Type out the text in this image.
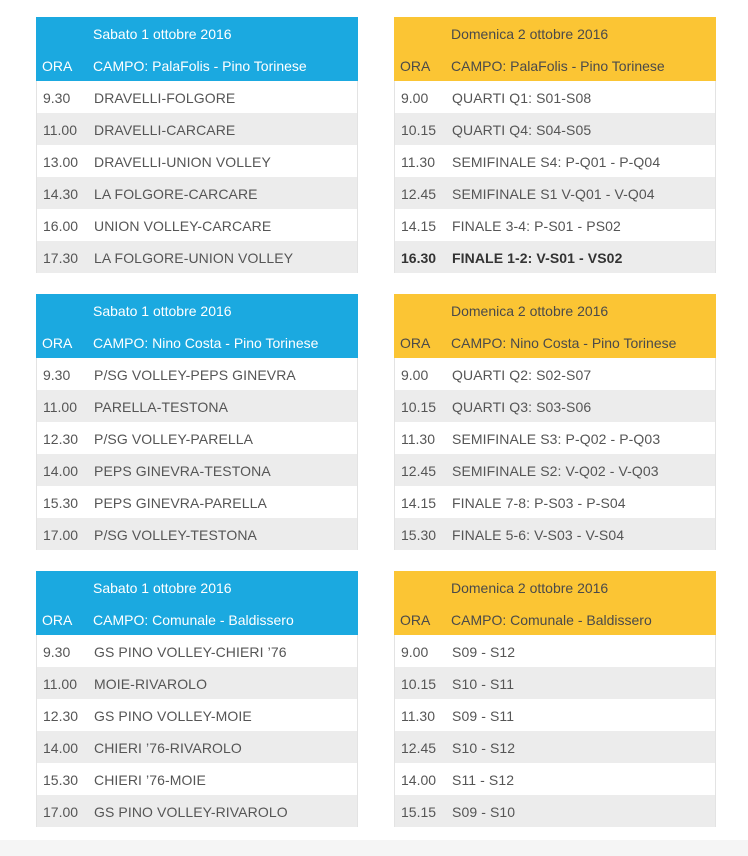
Sabato 1 ottobre 2016
ORA CAMPO: PalaFolis - Pino Torinese
9.30 DRAVELLI-FOLGORE
11.00 DRAVELLI-CARCARE
13.00 DRAVELLI-UNION VOLLEY
14.30 LA FOLGORE-CARCARE
16.00 UNION VOLLEY-CARCARE
17.30 LA FOLGORE-UNION VOLLEY
Domenica 2 ottobre 2016
ORA CAMPO: PalaFolis - Pino Torinese
9.00 QUARTI Q1: S01-S08
10.15 QUARTI Q4: S04-S05
11.30 SEMIFINALE S4: P-Q01 - P-Q04
12.45 SEMIFINALE S1 V-Q01 - V-Q04
14.15 FINALE 3-4: P-S01 - PS02
16.30 FINALE 1-2: V-S01 - VS02
Sabato 1 ottobre 2016
ORA CAMPO: Nino Costa - Pino Torinese
9.30 P/SG VOLLEY-PEPS GINEVRA
11.00 PARELLA-TESTONA
12.30 P/SG VOLLEY-PARELLA
14.00 PEPS GINEVRA-TESTONA
15.30 PEPS GINEVRA-PARELLA
17.00 P/SG VOLLEY-TESTONA
Domenica 2 ottobre 2016
ORA CAMPO: Nino Costa - Pino Torinese
9.00 QUARTI Q2: S02-S07
10.15 QUARTI Q3: S03-S06
11.30 SEMIFINALE S3: P-Q02 - P-Q03
12.45 SEMIFINALE S2: V-Q02 - V-Q03
14.15 FINALE 7-8: P-S03 - P-S04
15.30 FINALE 5-6: V-S03 - V-S04
Sabato 1 ottobre 2016
ORA CAMPO: Comunale - Baldissero
9.30 GS PINO VOLLEY-CHIERI ’76
11.00 MOIE-RIVAROLO
12.30 GS PINO VOLLEY-MOIE
14.00 CHIERI ’76-RIVAROLO
15.30 CHIERI ’76-MOIE
17.00 GS PINO VOLLEY-RIVAROLO
Domenica 2 ottobre 2016
ORA CAMPO: Comunale - Baldissero
9.00 S09 - S12
10.15 S10 - S11
11.30 S09 - S11
12.45 S10 - S12
14.00 S11 - S12
15.15 S09 - S10
